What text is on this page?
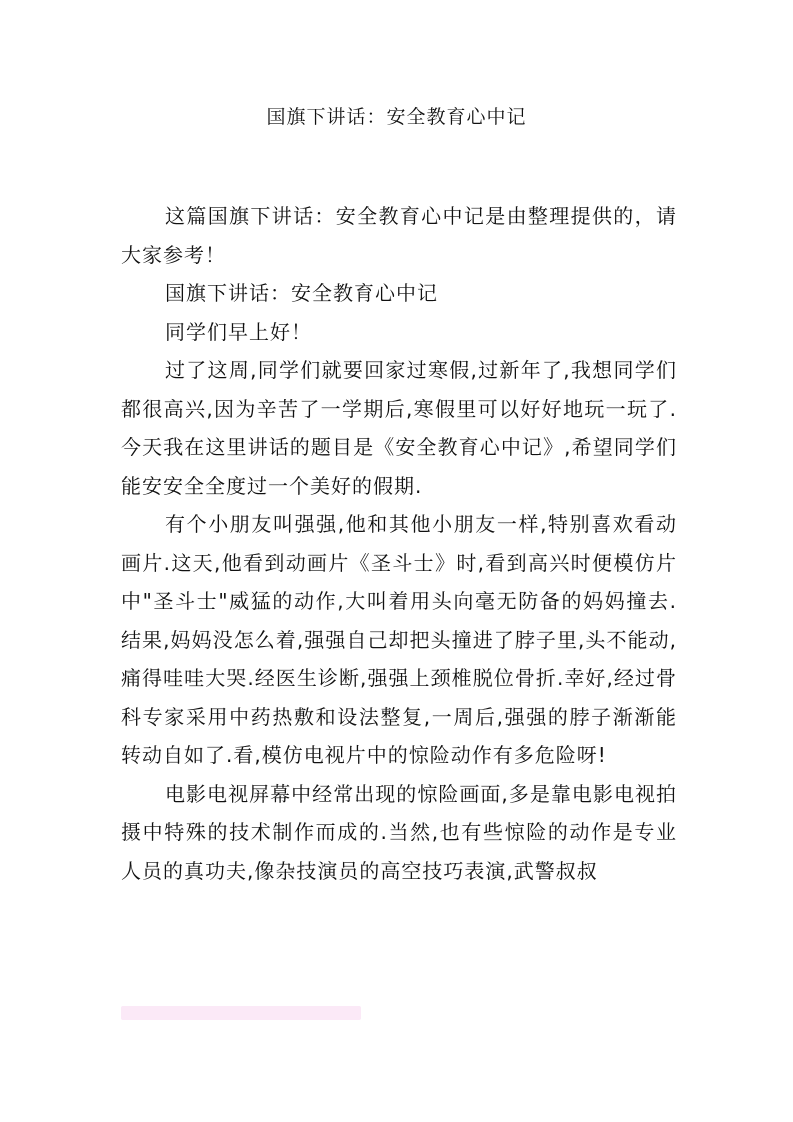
国旗下讲话：安全教育心中记

这篇国旗下讲话：安全教育心中记是由整理提供的，请大家参考！

国旗下讲话：安全教育心中记

同学们早上好！

过了这周,同学们就要回家过寒假,过新年了,我想同学们都很高兴,因为辛苦了一学期后,寒假里可以好好地玩一玩了.今天我在这里讲话的题目是《安全教育心中记》,希望同学们能安安全全度过一个美好的假期.

有个小朋友叫强强,他和其他小朋友一样,特别喜欢看动画片.这天,他看到动画片《圣斗士》时,看到高兴时便模仿片中"圣斗士"威猛的动作,大叫着用头向毫无防备的妈妈撞去.结果,妈妈没怎么着,强强自己却把头撞进了脖子里,头不能动,痛得哇哇大哭.经医生诊断,强强上颈椎脱位骨折.幸好,经过骨科专家采用中药热敷和设法整复,一周后,强强的脖子渐渐能转动自如了.看,模仿电视片中的惊险动作有多危险呀!

电影电视屏幕中经常出现的惊险画面,多是靠电影电视拍摄中特殊的技术制作而成的.当然,也有些惊险的动作是专业人员的真功夫,像杂技演员的高空技巧表演,武警叔叔
